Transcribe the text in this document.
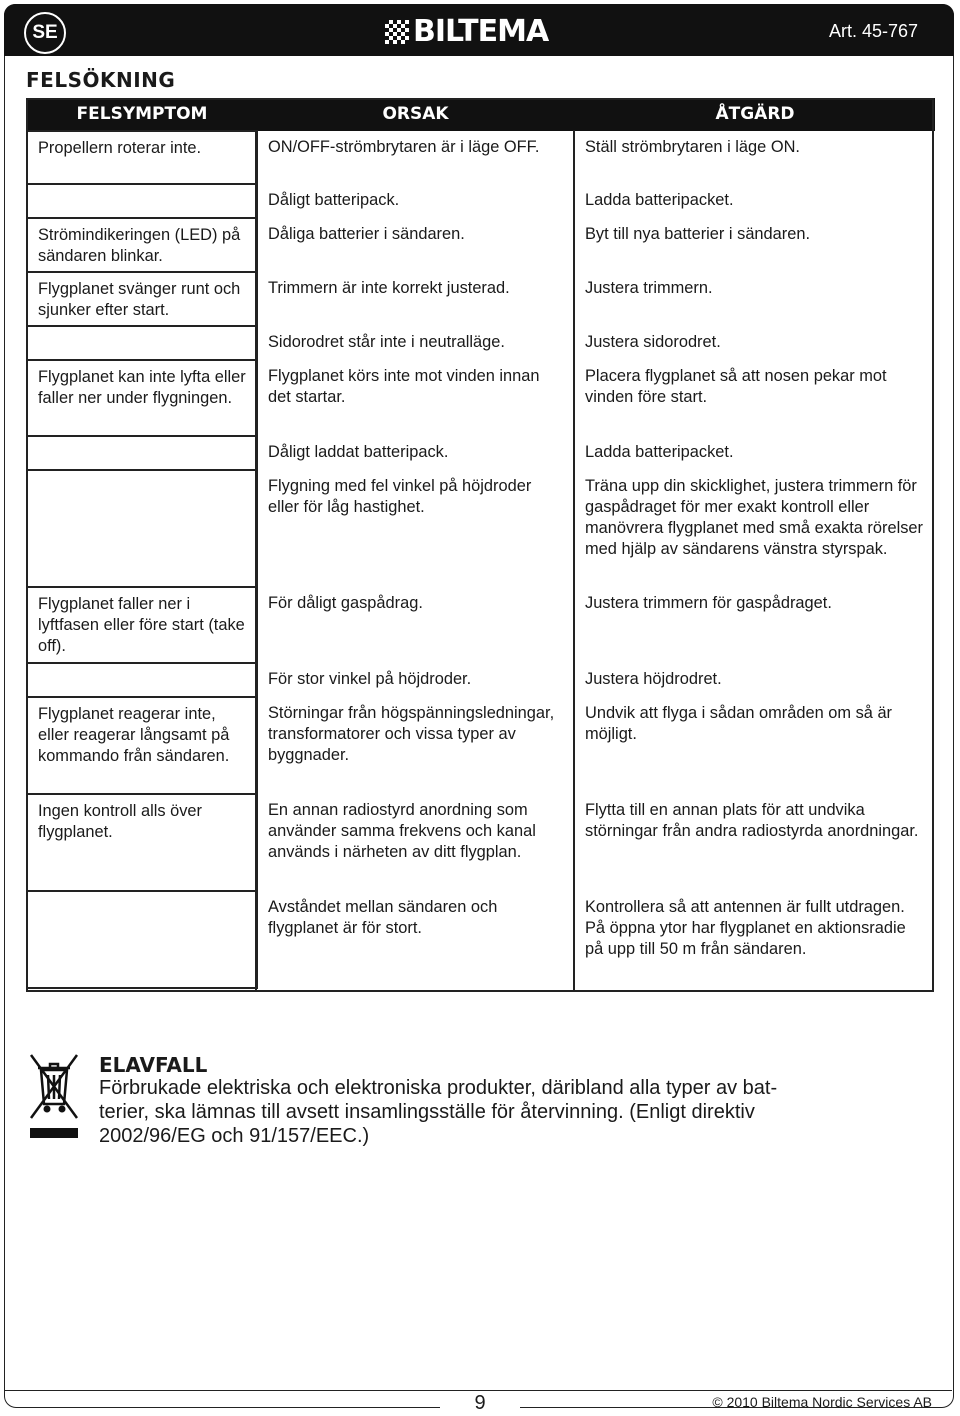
SE	BILTEMA	Art. 45-767
FELSÖKNING
FELSYMPTOM	ORSAK	ÅTGÄRD
Propellern roterar inte.	ON/OFF-strömbrytaren är i läge OFF.	Ställ strömbrytaren i läge ON.
	Dåligt batteripack.	Ladda batteripacket.
Strömindikeringen (LED) på sändaren blinkar.	Dåliga batterier i sändaren.	Byt till nya batterier i sändaren.
Flygplanet svänger runt och sjunker efter start.	Trimmern är inte korrekt justerad.	Justera trimmern.
	Sidorodret står inte i neutralläge.	Justera sidorodret.
Flygplanet kan inte lyfta eller faller ner under flygningen.	Flygplanet körs inte mot vinden innan det startar.	Placera flygplanet så att nosen pekar mot vinden före start.
	Dåligt laddat batteripack.	Ladda batteripacket.
	Flygning med fel vinkel på höjdroder eller för låg hastighet.	Träna upp din skicklighet, justera trimmern för gaspådraget för mer exakt kontroll eller manövrera flygplanet med små exakta rörelser med hjälp av sändarens vänstra styrspak.
Flygplanet faller ner i lyftfasen eller före start (take off).	För dåligt gaspådrag.	Justera trimmern för gaspådraget.
	För stor vinkel på höjdroder.	Justera höjdrodret.
Flygplanet reagerar inte, eller reagerar långsamt på kommando från sändaren.	Störningar från högspänningsledningar, transformatorer och vissa typer av byggnader.	Undvik att flyga i sådan områden om så är möjligt.
Ingen kontroll alls över flygplanet.	En annan radiostyrd anordning som använder samma frekvens och kanal används i närheten av ditt flygplan.	Flytta till en annan plats för att undvika störningar från andra radiostyrda anordningar.
	Avståndet mellan sändaren och flygplanet är för stort.	Kontrollera så att antennen är fullt utdragen. På öppna ytor har flygplanet en aktionsradie på upp till 50 m från sändaren.
ELAVFALL
Förbrukade elektriska och elektroniska produkter, däribland alla typer av batterier, ska lämnas till avsett insamlingsställe för återvinning. (Enligt direktiv 2002/96/EG och 91/157/EEC.)
9	© 2010 Biltema Nordic Services AB
